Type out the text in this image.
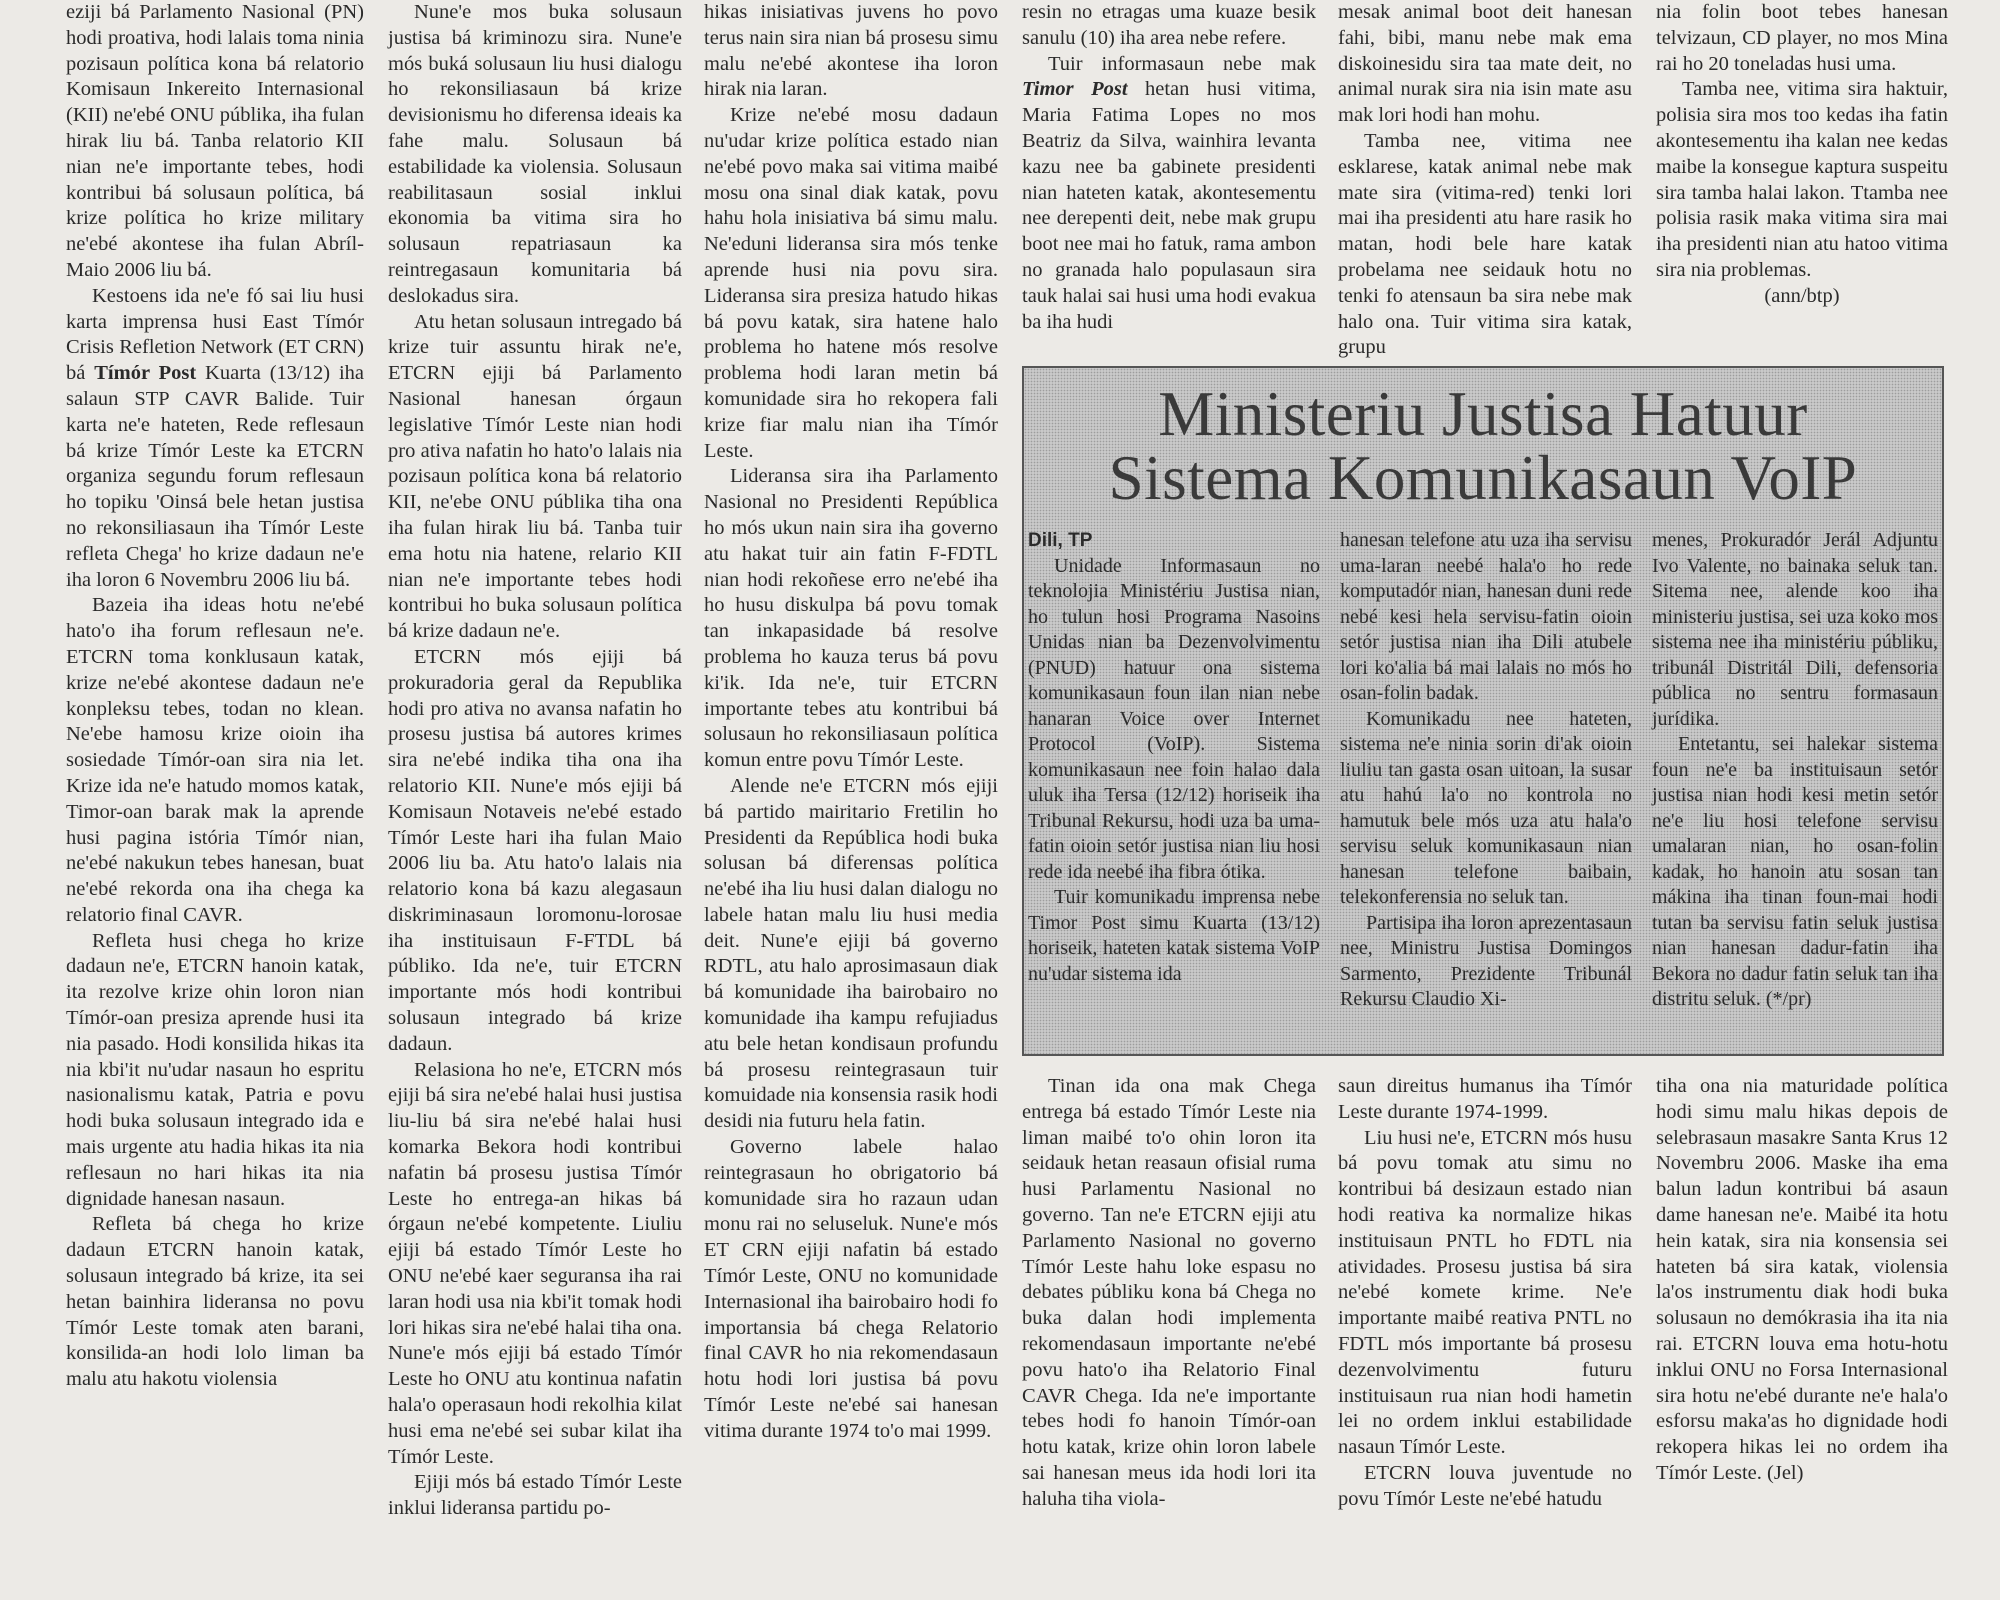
eziji bá Parlamento Nasional (PN) hodi proativa, hodi lalais toma ninia pozisaun política kona bá relatorio Komisaun Inkereito Internasional (KII) ne'ebé ONU públika, iha fulan hirak liu bá. Tanba relatorio KII nian ne'e importante tebes, hodi kontribui bá solusaun política, bá krize política ho krize military ne'ebé akontese iha fulan Abríl- Maio 2006 liu bá.

Kestoens ida ne'e fó sai liu husi karta imprensa husi East Tímór Crisis Refletion Network (ET CRN) bá Tímór Post Kuarta (13/12) iha salaun STP CAVR Balide. Tuir karta ne'e hateten, Rede reflesaun bá krize Tímór Leste ka ETCRN organiza segundu forum reflesaun ho topiku 'Oinsá bele hetan justisa no rekonsiliasaun iha Tímór Leste refleta Chega' ho krize dadaun ne'e iha loron 6 Novembru 2006 liu bá.

Bazeia iha ideas hotu ne'ebé hato'o iha forum reflesaun ne'e. ETCRN toma konklusaun katak, krize ne'ebé akontese dadaun ne'e konpleksu tebes, todan no klean. Ne'ebe hamosu krize oioin iha sosiedade Tímór-oan sira nia let. Krize ida ne'e hatudo momos katak, Timor-oan barak mak la aprende husi pagina istória Tímór nian, ne'ebé nakukun tebes hanesan, buat ne'ebé rekorda ona iha chega ka relatorio final CAVR.

Refleta husi chega ho krize dadaun ne'e, ETCRN hanoin katak, ita rezolve krize ohin loron nian Tímór-oan presiza aprende husi ita nia pasado. Hodi konsilida hikas ita nia kbi'it nu'udar nasaun ho espritu nasionalismu katak, Patria e povu hodi buka solusaun integrado ida e mais urgente atu hadia hikas ita nia reflesaun no hari hikas ita nia dignidade hanesan nasaun.

Refleta bá chega ho krize dadaun ETCRN hanoin katak, solusaun integrado bá krize, ita sei hetan bainhira lideransa no povu Tímór Leste tomak aten barani, konsilida-an hodi lolo liman ba malu atu hakotu violensia

Nune'e mos buka solusaun justisa bá kriminozu sira. Nune'e mós buká solusaun liu husi dialogu ho rekonsiliasaun bá krize devisionismu ho diferensa ideais ka fahe malu. Solusaun bá estabilidade ka violensia. Solusaun reabilitasaun sosial inklui ekonomia ba vitima sira ho solusaun repatriasaun ka reintregasaun komunitaria bá deslokadus sira.

Atu hetan solusaun intregado bá krize tuir assuntu hirak ne'e, ETCRN ejiji bá Parlamento Nasional hanesan órgaun legislative Tímór Leste nian hodi pro ativa nafatin ho hato'o lalais nia pozisaun política kona bá relatorio KII, ne'ebe ONU públika tiha ona iha fulan hirak liu bá. Tanba tuir ema hotu nia hatene, relario KII nian ne'e importante tebes hodi kontribui ho buka solusaun política bá krize dadaun ne'e.

ETCRN mós ejiji bá prokuradoria geral da Republika hodi pro ativa no avansa nafatin ho prosesu justisa bá autores krimes sira ne'ebé indika tiha ona iha relatorio KII. Nune'e mós ejiji bá Komisaun Notaveis ne'ebé estado Tímór Leste hari iha fulan Maio 2006 liu ba. Atu hato'o lalais nia relatorio kona bá kazu alegasaun diskriminasaun loromonu-lorosae iha instituisaun F-FTDL bá públiko. Ida ne'e, tuir ETCRN importante mós hodi kontribui solusaun integrado bá krize dadaun.

Relasiona ho ne'e, ETCRN mós ejiji bá sira ne'ebé halai husi justisa liu-liu bá sira ne'ebé halai husi komarka Bekora hodi kontribui nafatin bá prosesu justisa Tímór Leste ho entrega-an hikas bá órgaun ne'ebé kompetente. Liuliu ejiji bá estado Tímór Leste ho ONU ne'ebé kaer seguransa iha rai laran hodi usa nia kbi'it tomak hodi lori hikas sira ne'ebé halai tiha ona. Nune'e mós ejiji bá estado Tímór Leste ho ONU atu kontinua nafatin hala'o operasaun hodi rekolhia kilat husi ema ne'ebé sei subar kilat iha Tímór Leste.

Ejiji mós bá estado Tímór Leste inklui lideransa partidu po-

hikas inisiativas juvens ho povo terus nain sira nian bá prosesu simu malu ne'ebé akontese iha loron hirak nia laran.

Krize ne'ebé mosu dadaun nu'udar krize política estado nian ne'ebé povo maka sai vitima maibé mosu ona sinal diak katak, povu hahu hola inisiativa bá simu malu. Ne'eduni lideransa sira mós tenke aprende husi nia povu sira. Lideransa sira presiza hatudo hikas bá povu katak, sira hatene halo problema ho hatene mós resolve problema hodi laran metin bá komunidade sira ho rekopera fali krize fiar malu nian iha Tímór Leste.

Lideransa sira iha Parlamento Nasional no Presidenti República ho mós ukun nain sira iha governo atu hakat tuir ain fatin F-FDTL nian hodi rekoñese erro ne'ebé iha ho husu diskulpa bá povu tomak tan inkapasidade bá resolve problema ho kauza terus bá povu ki'ik. Ida ne'e, tuir ETCRN importante tebes atu kontribui bá solusaun ho rekonsiliasaun política komun entre povu Tímór Leste.

Alende ne'e ETCRN mós ejiji bá partido mairitario Fretilin ho Presidenti da República hodi buka solusan bá diferensas política ne'ebé iha liu husi dalan dialogu no labele hatan malu liu husi media deit. Nune'e ejiji bá governo RDTL, atu halo aprosimasaun diak bá komunidade iha bairobairo no komunidade iha kampu refujiadus atu bele hetan kondisaun profundu bá prosesu reintegrasaun tuir komuidade nia konsensia rasik hodi desidi nia futuru hela fatin.

Governo labele halao reintegrasaun ho obrigatorio bá komunidade sira ho razaun udan monu rai no seluseluk. Nune'e mós ET CRN ejiji nafatin bá estado Tímór Leste, ONU no komunidade Internasional iha bairobairo hodi fo importansia bá chega Relatorio final CAVR ho nia rekomendasaun hotu hodi lori justisa bá povu Tímór Leste ne'ebé sai hanesan vitima durante 1974 to'o mai 1999.

resin no etragas uma kuaze besik sanulu (10) iha area nebe refere.

Tuir informasaun nebe mak Timor Post hetan husi vitima, Maria Fatima Lopes no mos Beatriz da Silva, wainhira levanta kazu nee ba gabinete presidenti nian hateten katak, akontesementu nee derepenti deit, nebe mak grupu boot nee mai ho fatuk, rama ambon no granada halo populasaun sira tauk halai sai husi uma hodi evakua ba iha hudi

mesak animal boot deit hanesan fahi, bibi, manu nebe mak ema diskoinesidu sira taa mate deit, no animal nurak sira nia isin mate asu mak lori hodi han mohu.

Tamba nee, vitima nee esklarese, katak animal nebe mak mate sira (vitima-red) tenki lori mai iha presidenti atu hare rasik ho matan, hodi bele hare katak probelama nee seidauk hotu no tenki fo atensaun ba sira nebe mak halo ona. Tuir vitima sira katak, grupu

nia folin boot tebes hanesan telvizaun, CD player, no mos Mina rai ho 20 toneladas husi uma.

Tamba nee, vitima sira haktuir, polisia sira mos too kedas iha fatin akontesementu iha kalan nee kedas maibe la konsegue kaptura suspeitu sira tamba halai lakon. Ttamba nee polisia rasik maka vitima sira mai iha presidenti nian atu hatoo vitima sira nia problemas.

(ann/btp)

Ministeriu Justisa Hatuur
Sistema Komunikasaun VoIP

Dili, TP

Unidade Informasaun no teknolojia Ministériu Justisa nian, ho tulun hosi Programa Nasoins Unidas nian ba Dezenvolvimentu (PNUD) hatuur ona sistema komunikasaun foun ilan nian nebe hanaran Voice over Internet Protocol (VoIP). Sistema komunikasaun nee foin halao dala uluk iha Tersa (12/12) horiseik iha Tribunal Rekursu, hodi uza ba uma-fatin oioin setór justisa nian liu hosi rede ida neebé iha fibra ótika.

Tuir komunikadu imprensa nebe Timor Post simu Kuarta (13/12) horiseik, hateten katak sistema VoIP nu'udar sistema ida

hanesan telefone atu uza iha servisu uma-laran neebé hala'o ho rede komputadór nian, hanesan duni rede nebé kesi hela servisu-fatin oioin setór justisa nian iha Dili atubele lori ko'alia bá mai lalais no mós ho osan-folin badak.

Komunikadu nee hateten, sistema ne'e ninia sorin di'ak oioin liuliu tan gasta osan uitoan, la susar atu hahú la'o no kontrola no hamutuk bele mós uza atu hala'o servisu seluk komunikasaun nian hanesan telefone baibain, telekonferensia no seluk tan.

Partisipa iha loron aprezentasaun nee, Ministru Justisa Domingos Sarmento, Prezidente Tribunál Rekursu Claudio Xi-

menes, Prokuradór Jerál Adjuntu Ivo Valente, no bainaka seluk tan. Sitema nee, alende koo iha ministeriu justisa, sei uza koko mos sistema nee iha ministériu públiku, tribunál Distritál Dili, defensoria pública no sentru formasaun jurídika.

Entetantu, sei halekar sistema foun ne'e ba instituisaun setór justisa nian hodi kesi metin setór ne'e liu hosi telefone servisu umalaran nian, ho osan-folin kadak, ho hanoin atu sosan tan mákina iha tinan foun-mai hodi tutan ba servisu fatin seluk justisa nian hanesan dadur-fatin iha Bekora no dadur fatin seluk tan iha distritu seluk. (*/pr)

Tinan ida ona mak Chega entrega bá estado Tímór Leste nia liman maibé to'o ohin loron ita seidauk hetan reasaun ofisial ruma husi Parlamentu Nasional no governo. Tan ne'e ETCRN ejiji atu Parlamento Nasional no governo Tímór Leste hahu loke espasu no debates públiku kona bá Chega no buka dalan hodi implementa rekomendasaun importante ne'ebé povu hato'o iha Relatorio Final CAVR Chega. Ida ne'e importante tebes hodi fo hanoin Tímór-oan hotu katak, krize ohin loron labele sai hanesan meus ida hodi lori ita haluha tiha viola-

saun direitus humanus iha Tímór Leste durante 1974-1999.

Liu husi ne'e, ETCRN mós husu bá povu tomak atu simu no kontribui bá desizaun estado nian hodi reativa ka normalize hikas instituisaun PNTL ho FDTL nia atividades. Prosesu justisa bá sira ne'ebé komete krime. Ne'e importante maibé reativa PNTL no FDTL mós importante bá prosesu dezenvolvimentu futuru instituisaun rua nian hodi hametin lei no ordem inklui estabilidade nasaun Tímór Leste.

ETCRN louva juventude no povu Tímór Leste ne'ebé hatudu

tiha ona nia maturidade política hodi simu malu hikas depois de selebrasaun masakre Santa Krus 12 Novembru 2006. Maske iha ema balun ladun kontribui bá asaun dame hanesan ne'e. Maibé ita hotu hein katak, sira nia konsensia sei hateten bá sira katak, violensia la'os instrumentu diak hodi buka solusaun no demókrasia iha ita nia rai. ETCRN louva ema hotu-hotu inklui ONU no Forsa Internasional sira hotu ne'ebé durante ne'e hala'o esforsu maka'as ho dignidade hodi rekopera hikas lei no ordem iha Tímór Leste. (Jel)
